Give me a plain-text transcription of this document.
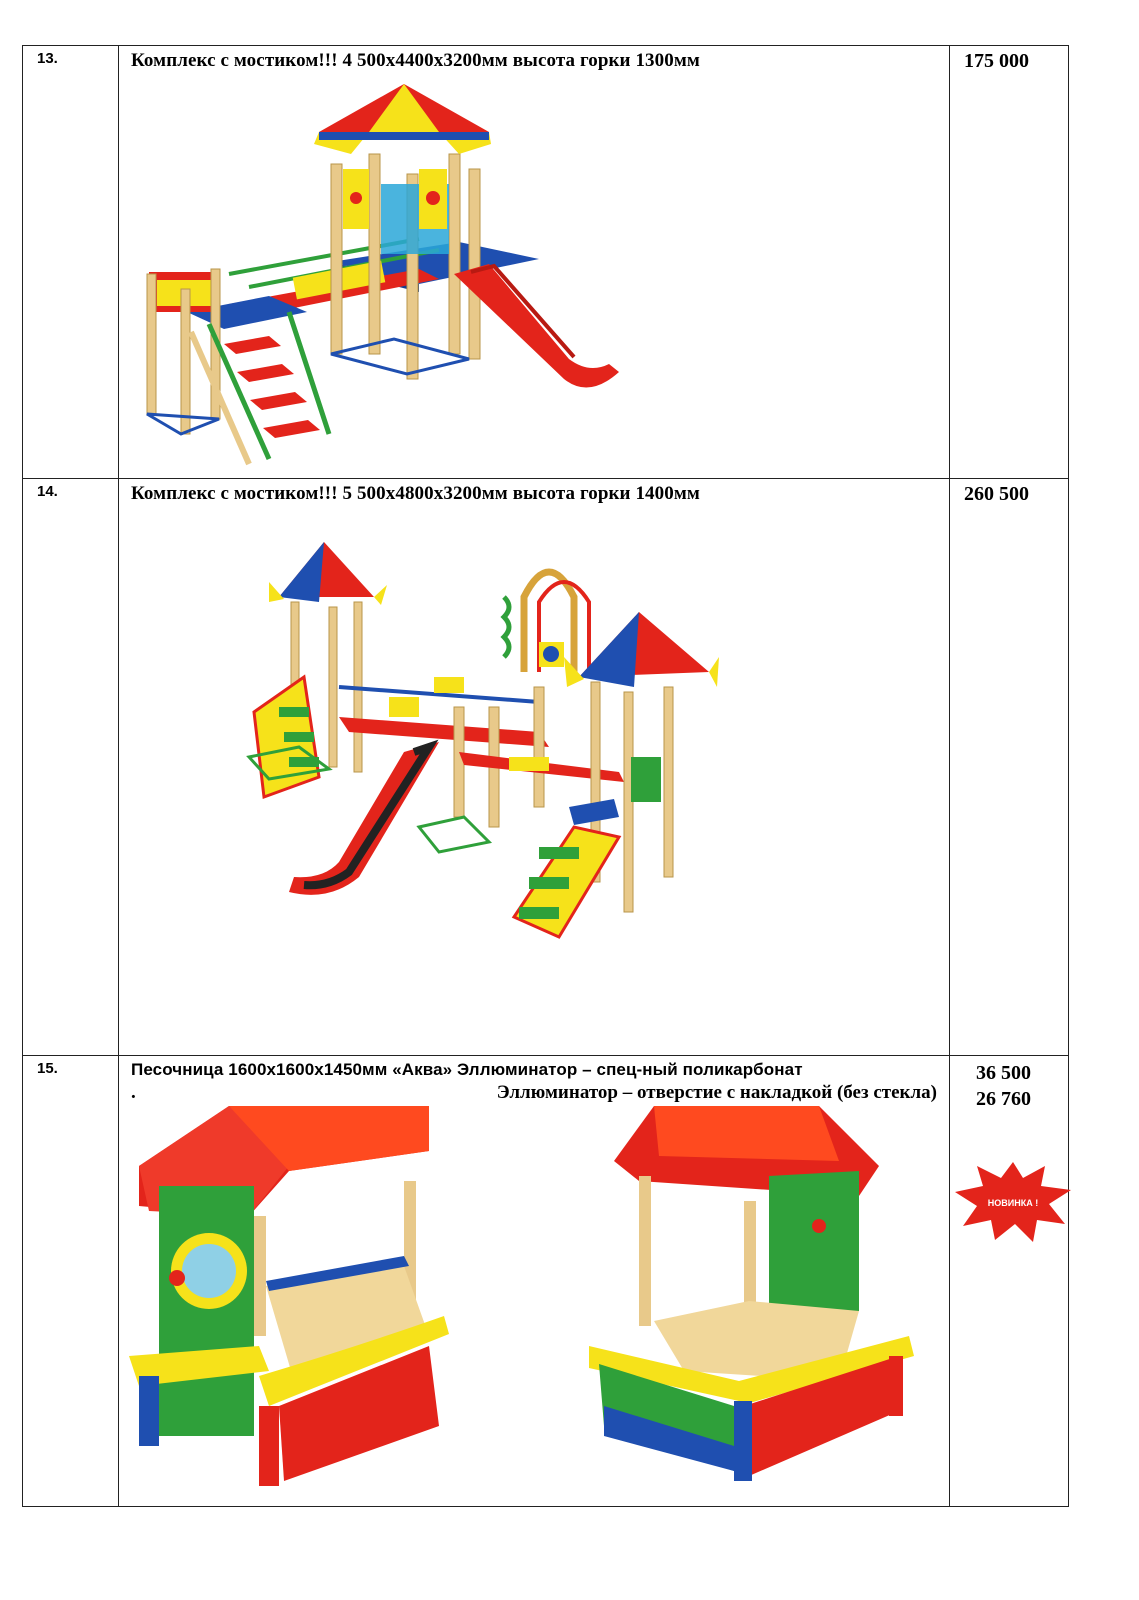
13.	Комплекс с мостиком!!! 4 500х4400х3200мм высота горки 1300мм	175 000

14.	Комплекс с мостиком!!! 5 500х4800х3200мм высота горки 1400мм	260 500

15.	Песочница 1600х1600х1450мм «Аква» Эллюминатор – спец-ный поликарбонат
. Эллюминатор – отверстие с накладкой (без стекла)	36 500
26 760
НОВИНКА !
